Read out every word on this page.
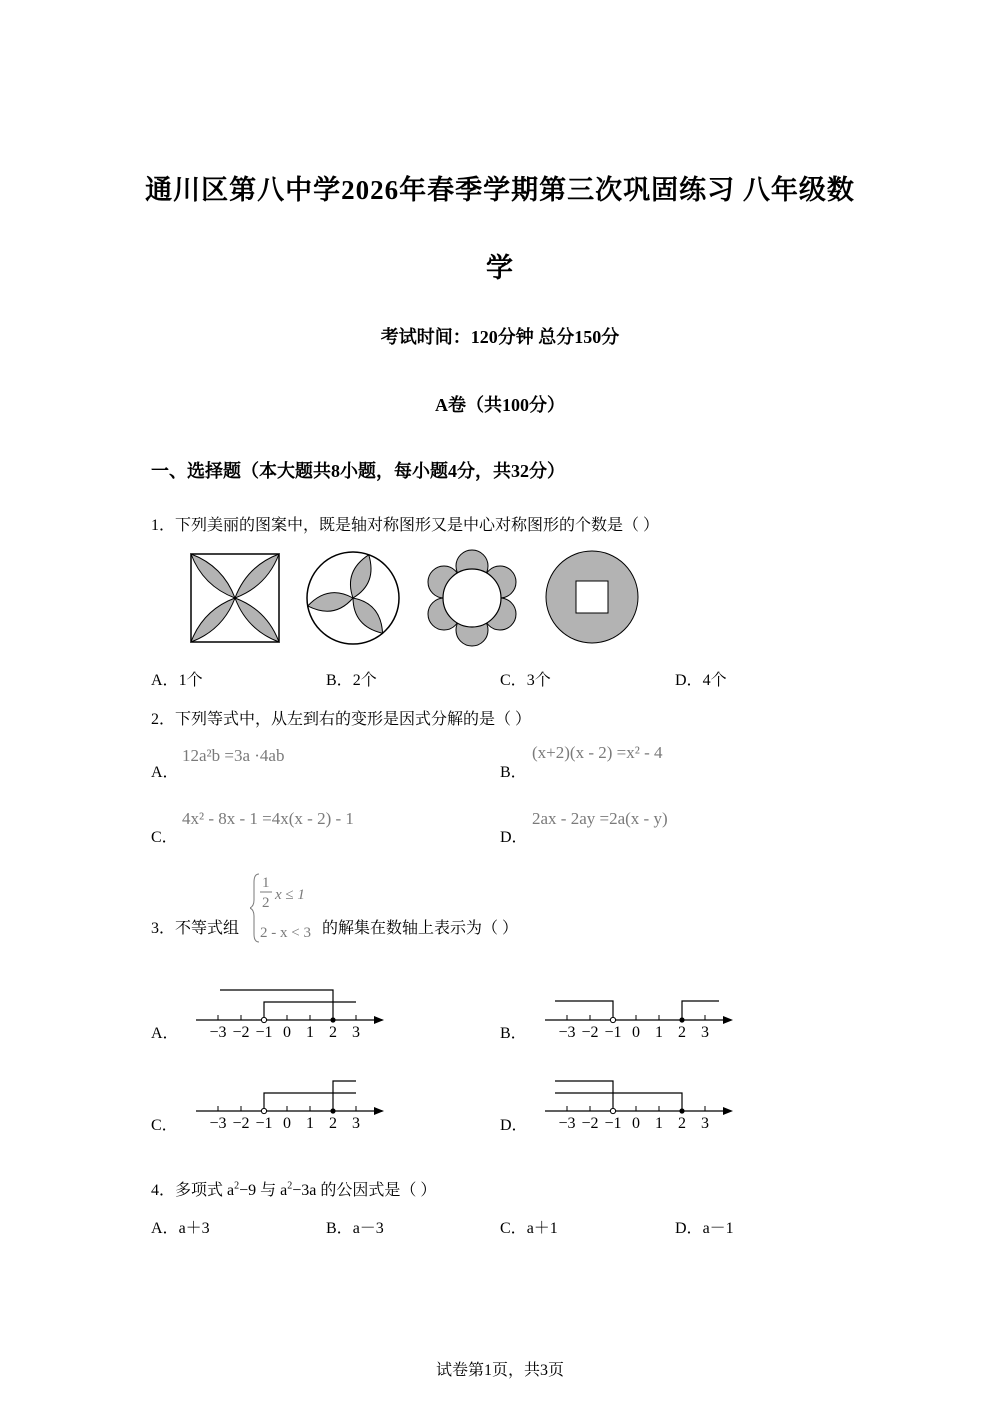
通川区第八中学2026年春季学期第三次巩固练习 八年级数
学
考试时间：120分钟 总分150分
A卷（共100分）
一、选择题（本大题共8小题，每小题4分，共32分）
1．下列美丽的图案中，既是轴对称图形又是中心对称图形的个数是（ ）
A．1个	B．2个	C．3个	D．4个
2．下列等式中，从左到右的变形是因式分解的是（ ）
A．
12a²b =3a ·4ab
B．
(x+2)(x - 2) =x² - 4
C．
4x² - 8x - 1 =4x(x - 2) - 1
D．
2ax - 2ay =2a(x - y)
3．不等式组
1
2 x ≤ 1
2 - x < 3 的解集在数轴上表示为（ ）
A．	B．
C．	D．
−3 −2 −1 0 1 2 3	−3 −2 −1 0 1 2 3
−3 −2 −1 0 1 2 3	−3 −2 −1 0 1 2 3
4．多项式 $a^2-9$ 与 $a^2-3a$ 的公因式是（ ）
A．a＋3	B．a－3	C．a＋1	D．a－1
试卷第1页，共3页
